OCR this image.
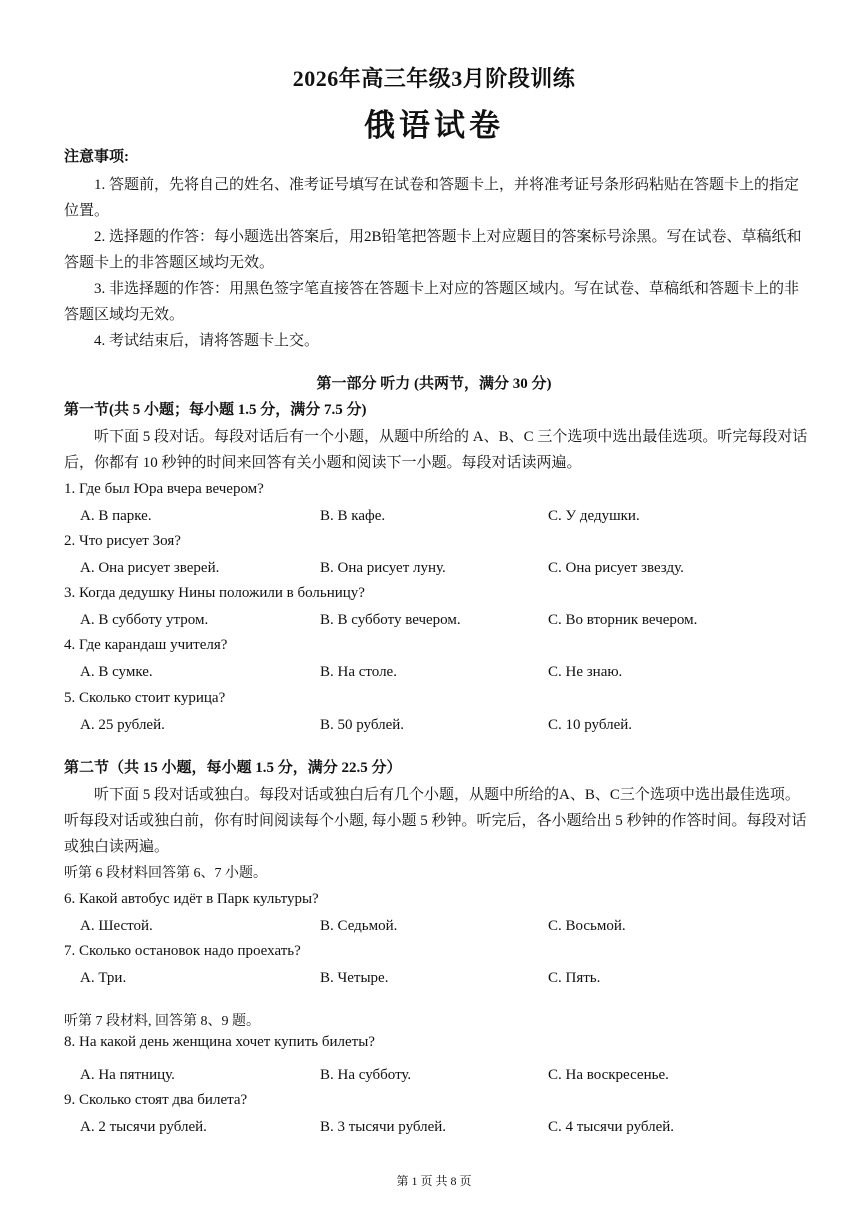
2026年高三年级3月阶段训练
俄语试卷
注意事项:
1. 答题前，先将自己的姓名、准考证号填写在试卷和答题卡上，并将准考证号条形码粘贴在答题卡上的指定位置。
2. 选择题的作答：每小题选出答案后，用2B铅笔把答题卡上对应题目的答案标号涂黑。写在试卷、草稿纸和答题卡上的非答题区域均无效。
3. 非选择题的作答：用黑色签字笔直接答在答题卡上对应的答题区域内。写在试卷、草稿纸和答题卡上的非答题区域均无效。
4. 考试结束后，请将答题卡上交。
第一部分 听力 (共两节，满分 30 分)
第一节(共 5 小题；每小题 1.5 分，满分 7.5 分)
听下面 5 段对话。每段对话后有一个小题，从题中所给的 A、B、C 三个选项中选出最佳选项。听完每段对话后，你都有 10 秒钟的时间来回答有关小题和阅读下一小题。每段对话读两遍。
1. Где был Юра вчера вечером?
A. В парке.	B. В кафе.	C. У дедушки.
2. Что рисует Зоя?
A. Она рисует зверей.	B. Она рисует луну.	C. Она рисует звезду.
3. Когда дедушку Нины положили в больницу?
A. В субботу утром.	B. В субботу вечером.	C. Во вторник вечером.
4. Где карандаш учителя?
A. В сумке.	B. На столе.	C. Не знаю.
5. Сколько стоит курица?
A. 25 рублей.	B. 50 рублей.	C. 10 рублей.
第二节（共 15 小题，每小题 1.5 分，满分 22.5 分）
听下面 5 段对话或独白。每段对话或独白后有几个小题，从题中所给的A、B、C三个选项中选出最佳选项。听每段对话或独白前，你有时间阅读每个小题, 每小题 5 秒钟。听完后，各小题给出 5 秒钟的作答时间。每段对话或独白读两遍。
听第 6 段材料回答第 6、7 小题。
6. Какой автобус идёт в Парк культуры?
A. Шестой.	B. Седьмой.	C. Восьмой.
7. Сколько остановок надо проехать?
A. Три.	B. Четыре.	C. Пять.
听第 7 段材料, 回答第 8、9 题。
8. На какой день женщина хочет купить билеты?
A. На пятницу.	B. На субботу.	C. На воскресенье.
9. Сколько стоят два билета?
A. 2 тысячи рублей.	B. 3 тысячи рублей.	C. 4 тысячи рублей.
第 1 页 共 8 页
